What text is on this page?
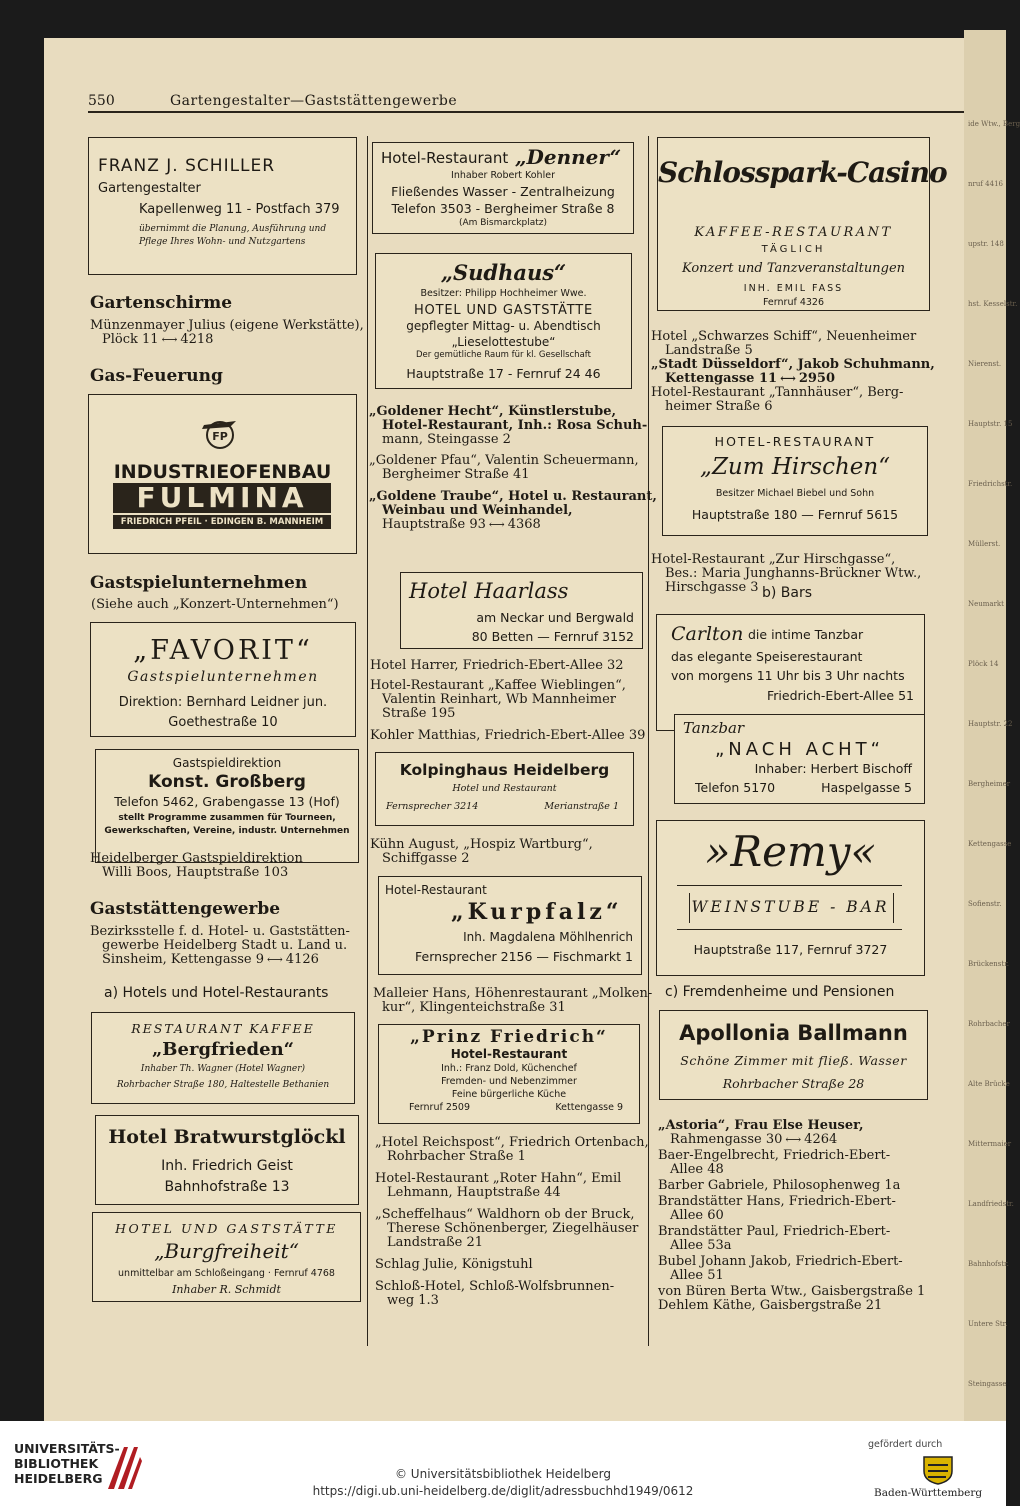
ide Wtw., Berg
nruf 4416
upstr. 148
hst. Kesselstr.
Nierenst.
Hauptstr. 15
Friedrichstr.
Müllerst.
Neumarkt
Plöck 14
Hauptstr. 22
Bergheimer
Kettengasse
Sofienstr.
Brückenstr.
Rohrbacher
Alte Brücke
Mittermaier
Landfriedstr.
Bahnhofstr.
Untere Str.
Steingasse
550	Gartengestalter—Gaststättengewerbe
FRANZ J. SCHILLER
Gartengestalter
Kapellenweg 11 - Postfach 379
übernimmt die Planung, Ausführung und
Pflege Ihres Wohn- und Nutzgartens
Gartenschirme
Münzenmayer Julius (eigene Werkstätte),
Plöck 11 ⟷ 4218
Gas-Feuerung
FP
INDUSTRIEOFENBAU
FULMINA
FRIEDRICH PFEIL · EDINGEN B. MANNHEIM
Gastspielunternehmen
(Siehe auch „Konzert-Unternehmen“)
„FAVORIT“
Gastspielunternehmen
Direktion: Bernhard Leidner jun.
Goethestraße 10
Gastspieldirektion
Konst. Großberg
Telefon 5462, Grabengasse 13 (Hof)
stellt Programme zusammen für Tourneen,
Gewerkschaften, Vereine, industr. Unternehmen
Heidelberger Gastspieldirektion
Willi Boos, Hauptstraße 103
Gaststättengewerbe
Bezirksstelle f. d. Hotel- u. Gaststätten-
gewerbe Heidelberg Stadt u. Land u.
Sinsheim, Kettengasse 9 ⟷ 4126
a) Hotels und Hotel-Restaurants
RESTAURANT KAFFEE
„Bergfrieden“
Inhaber Th. Wagner (Hotel Wagner)
Rohrbacher Straße 180, Haltestelle Bethanien
Hotel Bratwurstglöckl
Inh. Friedrich Geist
Bahnhofstraße 13
HOTEL UND GASTSTÄTTE
„Burgfreiheit“
unmittelbar am Schloßeingang · Fernruf 4768
Inhaber R. Schmidt
Hotel-Restaurant „Denner“
Inhaber Robert Kohler
Fließendes Wasser - Zentralheizung
Telefon 3503 - Bergheimer Straße 8
(Am Bismarckplatz)
„Sudhaus“
Besitzer: Philipp Hochheimer Wwe.
HOTEL UND GASTSTÄTTE
gepflegter Mittag- u. Abendtisch
„Lieselottestube“
Der gemütliche Raum für kl. Gesellschaft
Hauptstraße 17 - Fernruf 24 46
„Goldener Hecht“, Künstlerstube,
Hotel-Restaurant, Inh.: Rosa Schuh-
mann, Steingasse 2
„Goldener Pfau“, Valentin Scheuermann,
Bergheimer Straße 41
„Goldene Traube“, Hotel u. Restaurant,
Weinbau und Weinhandel,
Hauptstraße 93 ⟷ 4368
Hotel Haarlass
am Neckar und Bergwald
80 Betten — Fernruf 3152
Hotel Harrer, Friedrich-Ebert-Allee 32
Hotel-Restaurant „Kaffee Wieblingen“,
Valentin Reinhart, Wb Mannheimer
Straße 195
Kohler Matthias, Friedrich-Ebert-Allee 39
Kolpinghaus Heidelberg
Hotel und Restaurant
Fernsprecher 3214	Merianstraße 1
Kühn August, „Hospiz Wartburg“,
Schiffgasse 2
Hotel-Restaurant
„Kurpfalz“
Inh. Magdalena Möhlhenrich
Fernsprecher 2156 — Fischmarkt 1
Malleier Hans, Höhenrestaurant „Molken-
kur“, Klingenteichstraße 31
„Prinz Friedrich“
Hotel-Restaurant
Inh.: Franz Dold, Küchenchef
Fremden- und Nebenzimmer
Feine bürgerliche Küche
Fernruf 2509	Kettengasse 9
„Hotel Reichspost“, Friedrich Ortenbach,
Rohrbacher Straße 1
Hotel-Restaurant „Roter Hahn“, Emil
Lehmann, Hauptstraße 44
„Scheffelhaus“ Waldhorn ob der Bruck,
Therese Schönenberger, Ziegelhäuser
Landstraße 21
Schlag Julie, Königstuhl
Schloß-Hotel, Schloß-Wolfsbrunnen-
weg 1.3
Schlosspark-Casino
KAFFEE-RESTAURANT
TÄGLICH
Konzert und Tanzveranstaltungen
INH. EMIL FASS
Fernruf 4326
Hotel „Schwarzes Schiff“, Neuenheimer
Landstraße 5
„Stadt Düsseldorf“, Jakob Schuhmann,
Kettengasse 11 ⟷ 2950
Hotel-Restaurant „Tannhäuser“, Berg-
heimer Straße 6
HOTEL-RESTAURANT
„Zum Hirschen“
Besitzer Michael Biebel und Sohn
Hauptstraße 180 — Fernruf 5615
Hotel-Restaurant „Zur Hirschgasse“,
Bes.: Maria Junghanns-Brückner Wtw.,
Hirschgasse 3 b) Bars
Carlton die intime Tanzbar
das elegante Speiserestaurant
von morgens 11 Uhr bis 3 Uhr nachts
Friedrich-Ebert-Allee 51
Tanzbar
„NACH ACHT“
Inhaber: Herbert Bischoff
Telefon 5170	Haspelgasse 5
»Remy«
WEINSTUBE - BAR
Hauptstraße 117, Fernruf 3727
c) Fremdenheime und Pensionen
Apollonia Ballmann
Schöne Zimmer mit fließ. Wasser
Rohrbacher Straße 28
„Astoria“, Frau Else Heuser,
Rahmengasse 30 ⟷ 4264
Baer-Engelbrecht, Friedrich-Ebert-
Allee 48
Barber Gabriele, Philosophenweg 1a
Brandstätter Hans, Friedrich-Ebert-
Allee 60
Brandstätter Paul, Friedrich-Ebert-
Allee 53a
Bubel Johann Jakob, Friedrich-Ebert-
Allee 51
von Büren Berta Wtw., Gaisbergstraße 1
Dehlem Käthe, Gaisbergstraße 21
UNIVERSITÄTS-
BIBLIOTHEK
HEIDELBERG	© Universitätsbibliothek Heidelberg
https://digi.ub.uni-heidelberg.de/diglit/adressbuchhd1949/0612
gefördert durch
Baden-Württemberg
